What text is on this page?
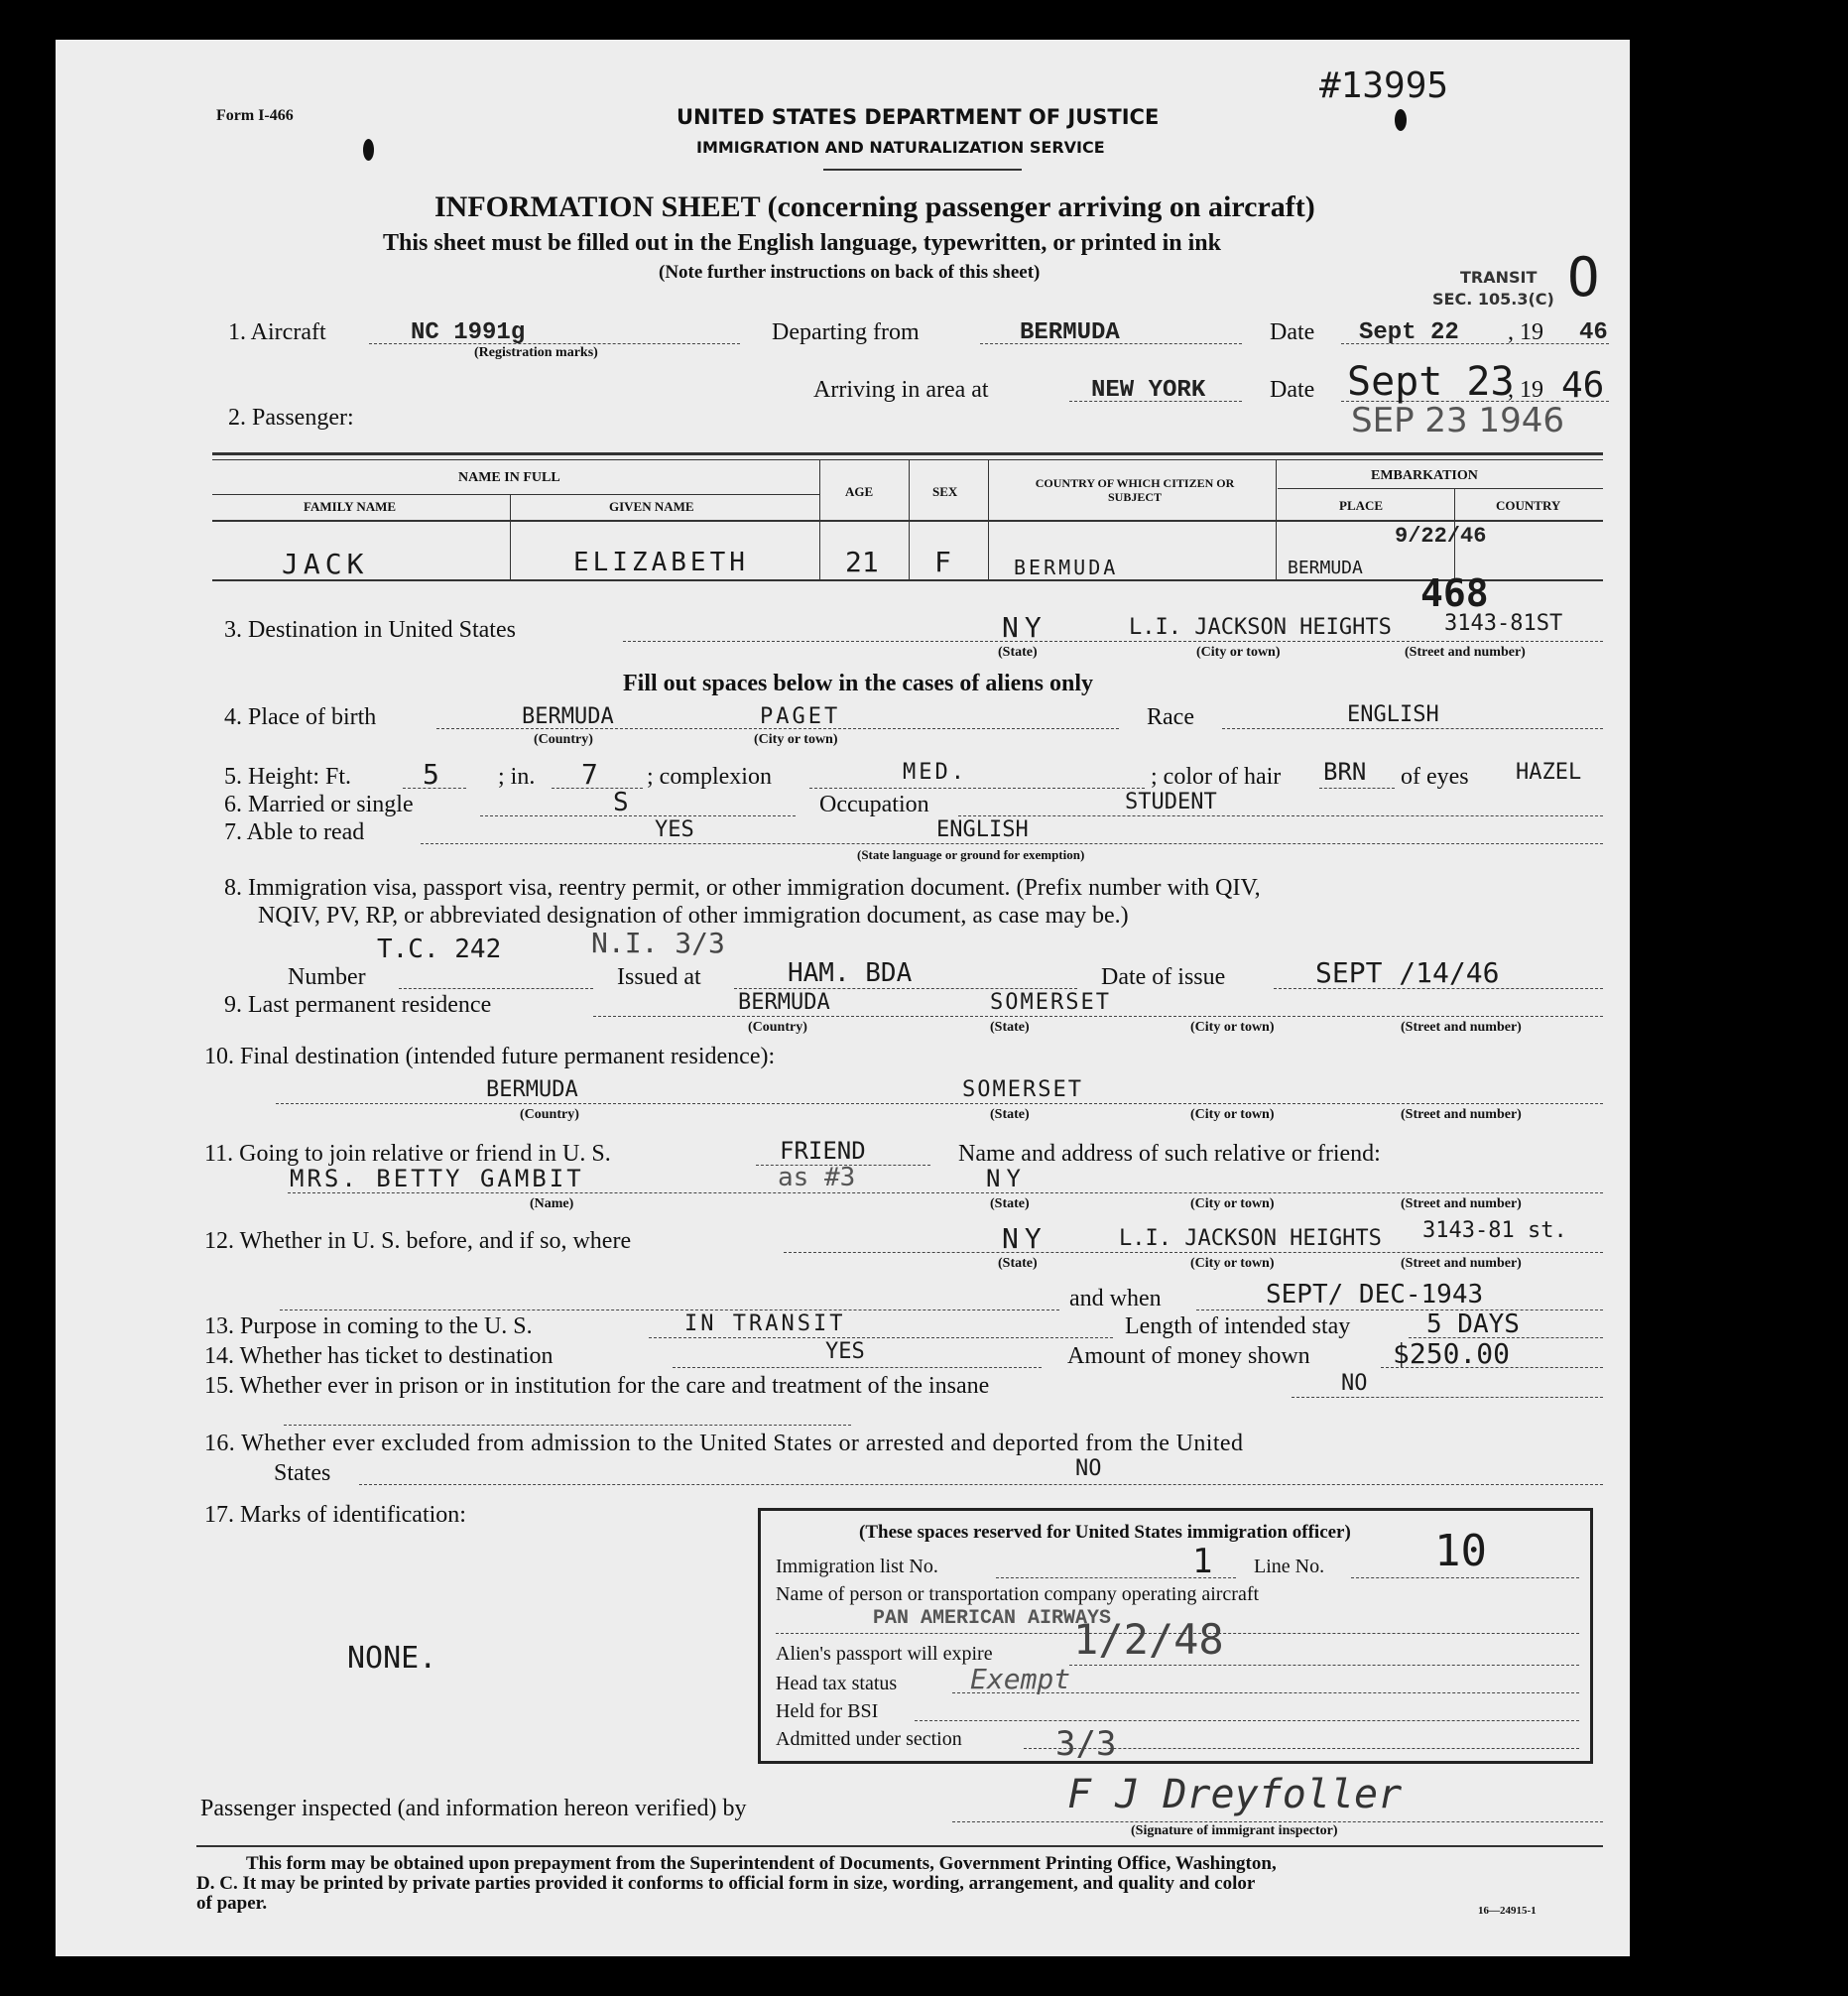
Form I-466
#13995
UNITED STATES DEPARTMENT OF JUSTICE
IMMIGRATION AND NATURALIZATION SERVICE
INFORMATION SHEET (concerning passenger arriving on aircraft)
This sheet must be filled out in the English language, typewritten, or printed in ink
(Note further instructions on back of this sheet)	TRANSIT
SEC. 105.3(C) O
1. Aircraft	NC 1991g
(Registration marks)
Departing from	BERMUDA	Date Sept 22 , 19 46
Arriving in area at	NEW YORK	Date Sept 23
, 19 46
SEP 23 1946
2. Passenger:
NAME IN FULL
FAMILY NAME	GIVEN NAME
AGE	SEX
COUNTRY OF WHICH CITIZEN OR SUBJECT
EMBARKATION
PLACE	COUNTRY
JACK	ELIZABETH	21 F	BERMUDA	BERMUDA
9/22/46
468
3. Destination in United States	NY	L.I. JACKSON HEIGHTS 3143-81ST
(State)	(City or town)	(Street and number)
Fill out spaces below in the cases of aliens only
4. Place of birth	BERMUDA	PAGET
(Country)	(City or town)
Race	ENGLISH
5. Height: Ft.	5 ; in. 7 ; complexion	MED.	; color of hair BRN of eyes HAZEL
6. Married or single	S	Occupation	STUDENT
7. Able to read	YES	ENGLISH
(State language or ground for exemption)
8. Immigration visa, passport visa, reentry permit, or other immigration document. (Prefix number with QIV,
NQIV, PV, RP, or abbreviated designation of other immigration document, as case may be.)
T.C. 242	N.I. 3/3
Number	Issued at	HAM. BDA	Date of issue	SEPT /14/46
9. Last permanent residence	BERMUDA	SOMERSET
(Country)	(State)	(City or town)	(Street and number)
10. Final destination (intended future permanent residence):
BERMUDA	SOMERSET
(Country)	(State)	(City or town)	(Street and number)
11. Going to join relative or friend in U. S.	FRIEND	Name and address of such relative or friend:
MRS. BETTY GAMBIT	as #3	NY
(Name)	(State)	(City or town)	(Street and number)
12. Whether in U. S. before, and if so, where	NY	L.I. JACKSON HEIGHTS 3143-81 st.
(State)	(City or town)	(Street and number)
and when	SEPT/ DEC-1943
13. Purpose in coming to the U. S.	IN TRANSIT	Length of intended stay	5 DAYS
14. Whether has ticket to destination	YES	Amount of money shown	$250.00
15. Whether ever in prison or in institution for the care and treatment of the insane	NO
16. Whether ever excluded from admission to the United States or arrested and deported from the United
States	NO
17. Marks of identification:
NONE.
(These spaces reserved for United States immigration officer)
Immigration list No.	1 Line No.	10
Name of person or transportation company operating aircraft
PAN AMERICAN AIRWAYS
Alien's passport will expire 1/2/48
Head tax status	Exempt
Held for BSI
Admitted under section	3/3
Passenger inspected (and information hereon verified) by	F J Dreyfoller
(Signature of immigrant inspector)
This form may be obtained upon prepayment from the Superintendent of Documents, Government Printing Office, Washington,
D. C. It may be printed by private parties provided it conforms to official form in size, wording, arrangement, and quality and color
of paper.	16—24915-1
